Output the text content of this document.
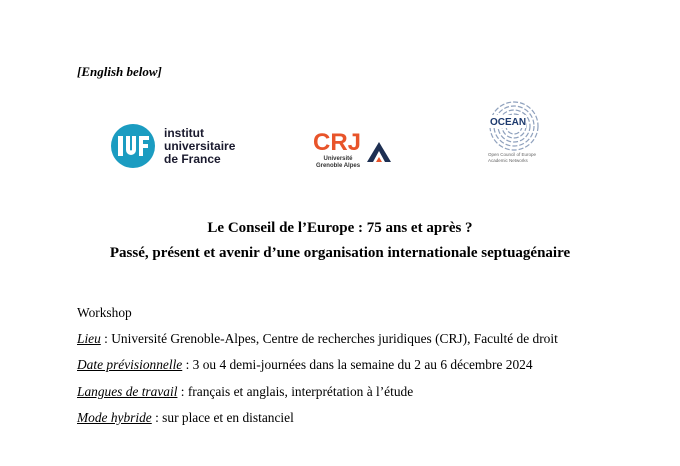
[English below]
institut
universitaire
de France
CRJ
Université
Grenoble Alpes
OCEAN
Open Council of Europe
Academic Networks
Le Conseil de l’Europe : 75 ans et après ?
Passé, présent et avenir d’une organisation internationale septuagénaire
Workshop
Lieu : Université Grenoble-Alpes, Centre de recherches juridiques (CRJ), Faculté de droit
Date prévisionnelle : 3 ou 4 demi-journées dans la semaine du 2 au 6 décembre 2024
Langues de travail : français et anglais, interprétation à l’étude
Mode hybride : sur place et en distanciel
